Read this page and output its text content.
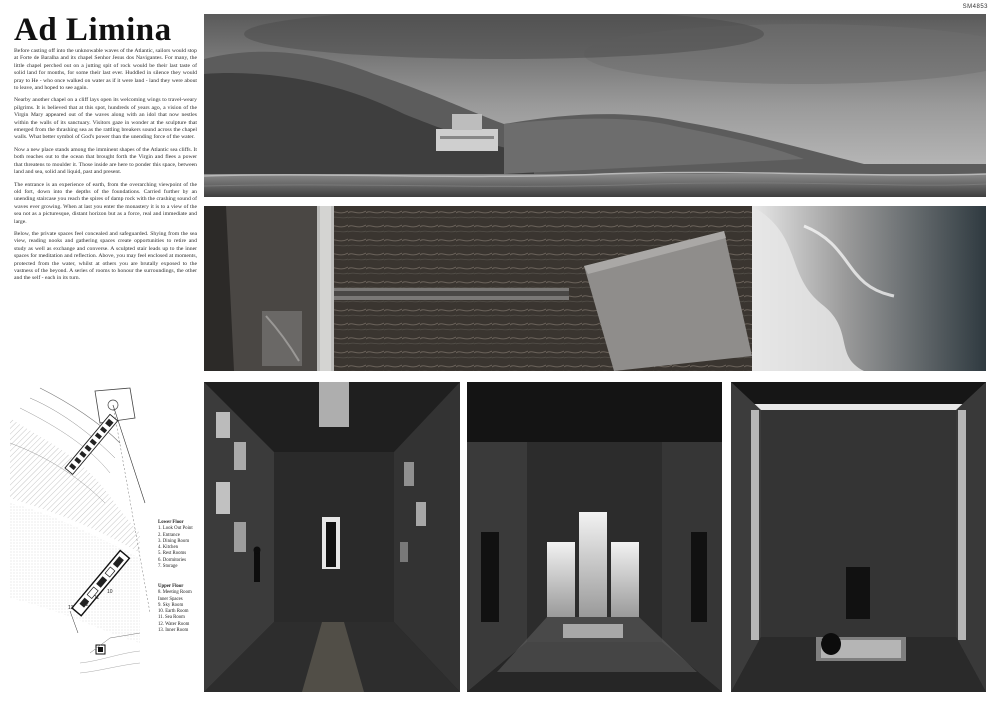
SM4853
Ad Limina

Before casting off into the unknowable waves of the Atlantic, sailors would stop at Forte de Baralha and its chapel Senhor Jesus dos Navigantes. For many, the little chapel perched out on a jutting spit of rock would be their last taste of solid land for months, for some their last ever. Huddled in silence they would pray to He - who once walked on water as if it were land - land they were about to leave, and hoped to see again.

Nearby another chapel on a cliff lays open its welcoming wings to travel-weary pilgrims. It is believed that at this spot, hundreds of years ago, a vision of the Virgin Mary appeared out of the waves along with an idol that now nestles within the walls of its sanctuary. Visitors gaze in wonder at the sculpture that emerged from the thrashing sea as the rattling breakers sound across the chapel walls. What better symbol of God's power than the unending force of the water.

Now a new place stands among the imminent shapes of the Atlantic sea cliffs. It both reaches out to the ocean that brought forth the Virgin and flees a power that threatens to moulder it. Those inside are here to ponder this space, between land and sea, solid and liquid, past and present.

The entrance is an experience of earth, from the overarching viewpoint of the old fort, down into the depths of the foundations. Carried further by an unending staircase you reach the spires of damp rock with the crashing sound of waves ever growing. When at last you enter the monastery it is to a view of the sea not as a picturesque, distant horizon but as a force, real and immediate and large.

Below, the private spaces feel concealed and safeguarded. Shying from the sea view, reading nooks and gathering spaces create opportunities to retire and study as well as exchange and converse. A sculpted stair leads up to the inner spaces for meditation and reflection. Above, you may feel enclosed at moments, protected from the water, whilst at others you are brutally exposed to the vastness of the beyond. A series of rooms to honour the surroundings, the other and the self - each in its turn.

10
11
12
13
Lower Floor
1. Look Out Point
2. Entrance
3. Dining Room
4. Kitchen
5. Rest Rooms
6. Dormitories
7. Storage
Upper Floor
8. Meeting Room
Inner Spaces
9. Sky Room
10. Earth Room
11. Sea Room
12. Water Room
13. Inner Room
